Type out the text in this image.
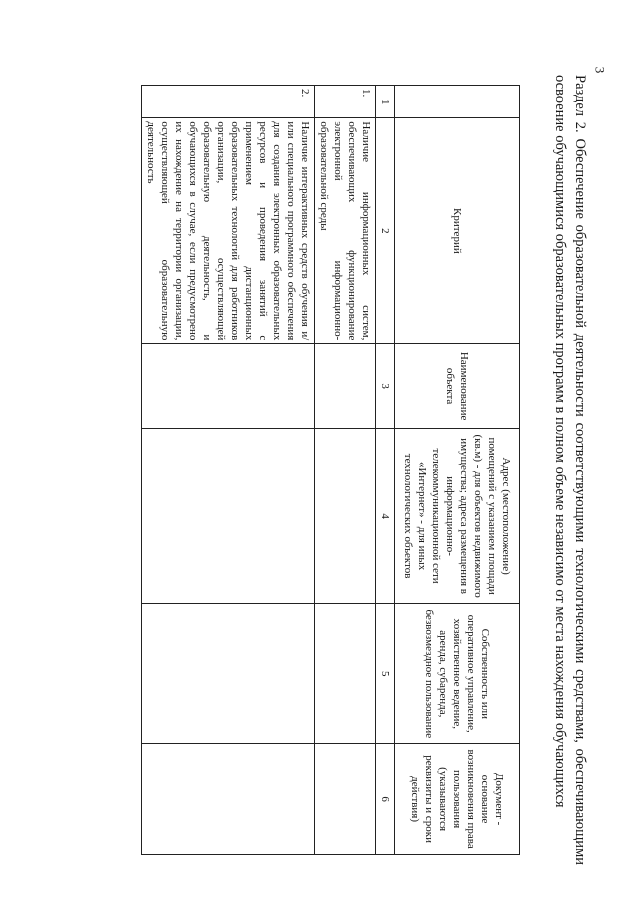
3
Раздел 2. Обеспечение образовательной деятельности соответствующими технологическими средствами, обеспечивающими освоение обучающимися образовательных программ в полном объеме независимо от места нахождения обучающихся
	Критерий	Наименование объекта	Адрес (местоположение) помещений с указанием площади (кв.м) - для объектов недвижимого имущества; адреса размещения в информационно-телекоммуникационной сети «Интернет» - для иных технологических объектов	Собственность или оперативное управление, хозяйственное ведение, аренда, субаренда, безвозмездное пользование	Документ - основание возникновения права пользования (указываются реквизиты и сроки действия)
1	2	3	4	5	6
1.	Наличие информационных систем, обеспечивающих функционирование электронной информационно-образовательной среды				
2.	Наличие интерактивных средств обучения и/или специального программного обеспечения для создания электронных образовательных ресурсов и проведения занятий с применением дистанционных образовательных технологий для работников организации, осуществляющей образовательную деятельность, и обучающихся в случае, если предусмотрено их нахождение на территории организации, осуществляющей образовательную деятельность				
